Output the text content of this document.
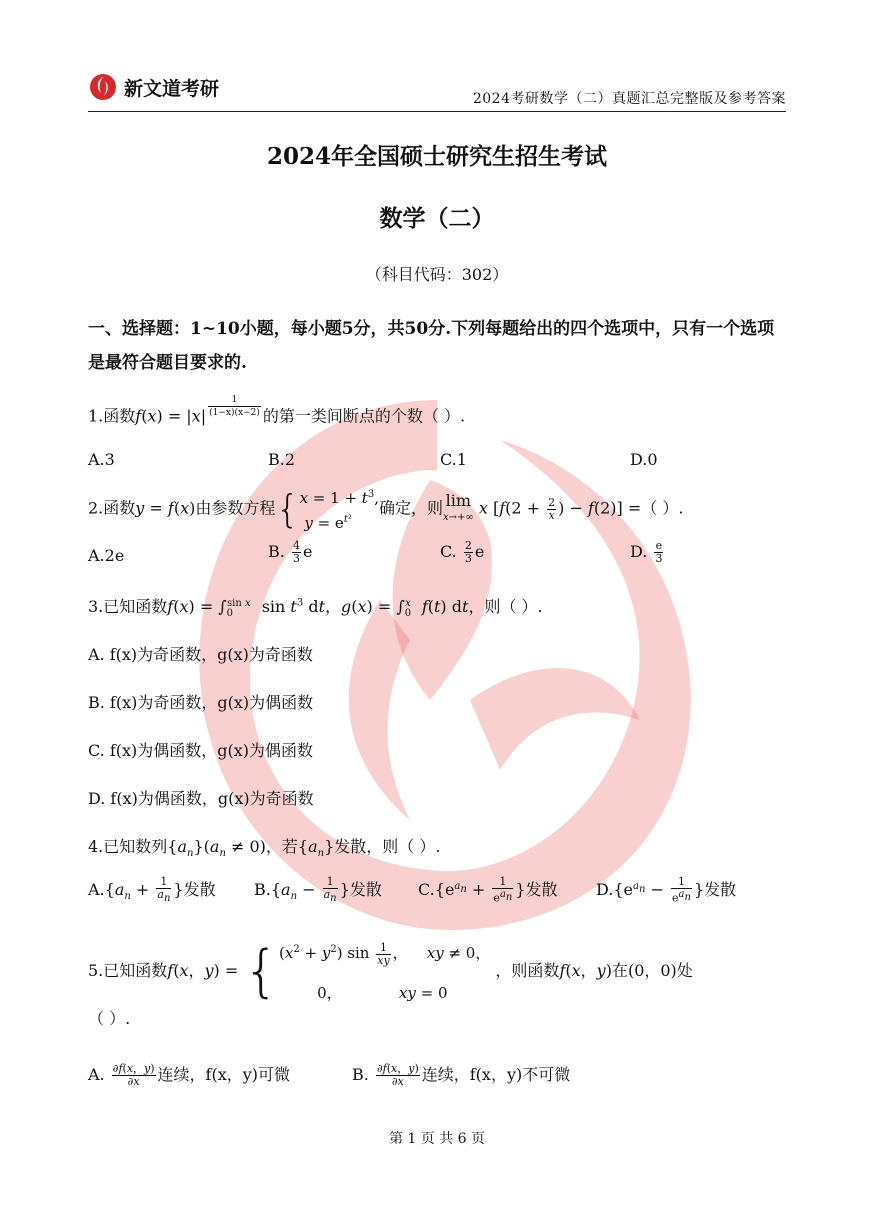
新文道考研	2024考研数学（二）真题汇总完整版及参考答案
2024年全国硕士研究生招生考试
数学（二）
（科目代码：302）
一、选择题：1~10小题，每小题5分，共50分.下列每题给出的四个选项中，只有一个选项是最符合题目要求的.
1.函数f(x) = |x| $^{\frac{1}{(1-x)(x-2)}}$ 的第一类间断点的个数（ ）.
A.3	B.2	C.1	D.0
2.函数y = f(x)由参数方程{$x = 1 + t^3$,
$y = e^{t^2}$确定，则 lim
x→+∞ x [$f(2 + \frac{2}{x}$ ) − f(2)] =（ ）.
A.2e	B. $\frac{4}{3}$ e	C. $\frac{2}{3}$ e	D. $\frac{e}{3}$
3.已知函数$f(x) = \int_0^{sin x}$ $\sin t^3$ dt，$g(x) = \int_0^x$ f(t) dt，则（ ）.
A. f(x)为奇函数，g(x)为奇函数
B. f(x)为奇函数，g(x)为偶函数
C. f(x)为偶函数，g(x)为偶函数
D. f(x)为偶函数，g(x)为奇函数
4.已知数列$\{a_n\}(a_n \ne 0)$，若$\{a_n\}$发散，则（ ）.
$A.\{a_n + \frac{1}{a_n}$ }发散 $B.\{a_n - \frac{1}{a_n}$ }发散 $C.\{e^{a_n} + \frac{1}{e^{a_n}}$ }发散 $D.\{e^{a_n} - \frac{1}{e^{a_n}}$ }发散
5.已知函数f(x，$y) = \{(x^2 + y^2)$ $\sin \frac{1}{xy}$ ，    xy ≠ 0，
0，            xy = 0 ，则函数f(x，y)在(0，0)处
（ ）.
A. $\frac{\partial f(x,y)}{\partial x}$ 连续，f(x，y)可微	B. $\frac{\partial f(x,y)}{\partial x}$ 连续，f(x，y)不可微
第 1 页 共 6 页
